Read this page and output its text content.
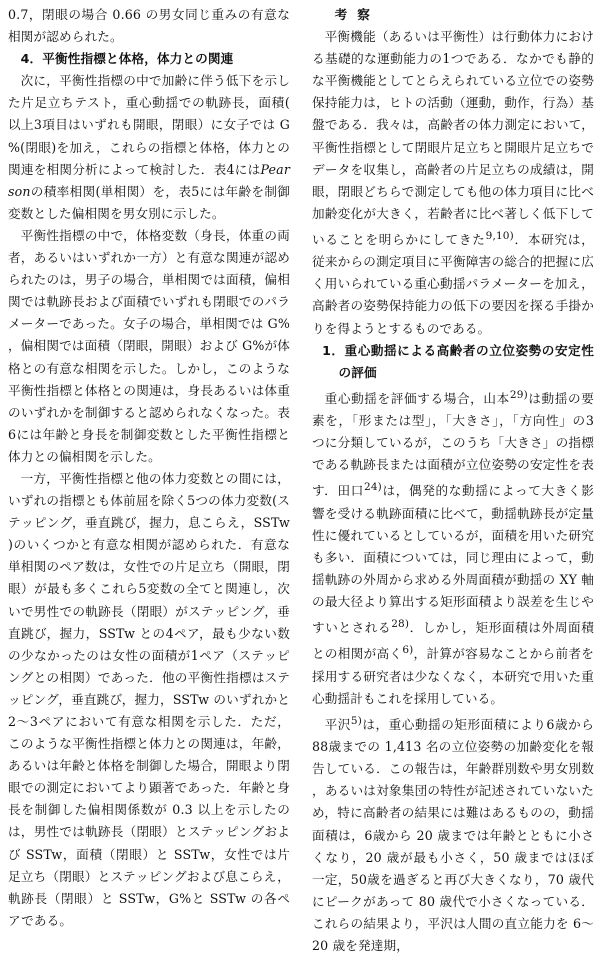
0.7，閉眼の場合 0.66 の男女同じ重みの有意な相関が認められた。

4．平衡性指標と体格，体力との関連

次に，平衡性指標の中で加齢に伴う低下を示した片足立ちテスト，重心動揺での軌跡長，面積(以上3項目はいずれも開眼，閉眼）に女子では G%(閉眼)を加え，これらの指標と体格，体力との関連を相関分析によって検討した．表4にはPearsonの積率相関(単相関）を，表5には年齢を制御変数とした偏相関を男女別に示した。

平衡性指標の中で，体格変数（身長，体重の両者，あるいはいずれか一方）と有意な関連が認められたのは，男子の場合，単相関では面積，偏相関では軌跡長および面積でいずれも閉眼でのパラメーターであった。女子の場合，単相関では G%，偏相関では面積（閉眼，開眼）および G%が体格との有意な相関を示した。しかし，このような平衡性指標と体格との関連は，身長あるいは体重のいずれかを制御すると認められなくなった。表6には年齢と身長を制御変数とした平衡性指標と体力との偏相関を示した。

一方，平衡性指標と他の体力変数との間には，いずれの指標とも体前屈を除く5つの体力変数(ステッピング，垂直跳び，握力，息こらえ，SSTw)のいくつかと有意な相関が認められた．有意な単相関のペア数は，女性での片足立ち（開眼，閉眼）が最も多くこれら5変数の全てと関連し，次いで男性での軌跡長（閉眼）がステッピング，垂直跳び，握力，SSTw との4ペア，最も少ない数の少なかったのは女性の面積が1ペア（ステッピングとの相関）であった．他の平衡性指標はステッピング，垂直跳び，握力，SSTw のいずれかと 2〜3ペアにおいて有意な相関を示した．ただ，このような平衡性指標と体力との関連は，年齢，あるいは年齢と体格を制御した場合，開眼より閉眼での測定においてより顕著であった．年齢と身長を制御した偏相関係数が 0.3 以上を示したのは，男性では軌跡長（閉眼）とステッピングおよび SSTw，面積（閉眼）と SSTw，女性では片足立ち（閉眼）とステッピングおよび息こらえ，軌跡長（閉眼）と SSTw，G%と SSTw の各ペアである。

考察

平衡機能（あるいは平衡性）は行動体力における基礎的な運動能力の1つである．なかでも静的な平衡機能としてとらえられている立位での姿勢保持能力は，ヒトの活動（運動，動作，行為）基盤である．我々は，高齢者の体力測定において，平衡性指標として閉眼片足立ちと開眼片足立ちでデータを収集し，高齢者の片足立ちの成績は，開眼，閉眼どちらで測定しても他の体力項目に比べ加齢変化が大きく，若齢者に比べ著しく低下していることを明らかにしてきた$^{9,10)}$．本研究は，従来からの測定項目に平衡障害の総合的把握に広く用いられている重心動揺パラメーターを加え，高齢者の姿勢保持能力の低下の要因を探る手掛かりを得ようとするものである。

1．重心動揺による高齢者の立位姿勢の安定性の評価

重心動揺を評価する場合，山本$^{29)}$は動揺の要素を，「形または型」，「大きさ」，「方向性」の3つに分類しているが，このうち「大きさ」の指標である軌跡長または面積が立位姿勢の安定性を表す．田口$^{24)}$は，偶発的な動揺によって大きく影響を受ける軌跡面積に比べて，動揺軌跡長が定量性に優れているとしているが，面積を用いた研究も多い．面積については，同じ理由によって，動揺軌跡の外周から求める外周面積が動揺の XY 軸の最大径より算出する矩形面積より誤差を生じやすいとされる$^{28)}$．しかし，矩形面積は外周面積との相関が高く$^{6)}$，計算が容易なことから前者を採用する研究者は少なくなく，本研究で用いた重心動揺計もこれを採用している。

平沢$^{5)}$は，重心動揺の矩形面積により6歳から88歳までの 1,413 名の立位姿勢の加齢変化を報告している．この報告は，年齢群別数や男女別数，あるいは対象集団の特性が記述されていないため，特に高齢者の結果には難はあるものの，動揺面積は，6歳から 20 歳までは年齢とともに小さくなり，20 歳が最も小さく，50 歳まではほぼ一定，50歳を過ぎると再び大きくなり，70 歳代にピークがあって 80 歳代で小さくなっている．これらの結果より，平沢は人間の直立能力を 6〜20 歳を発達期，
